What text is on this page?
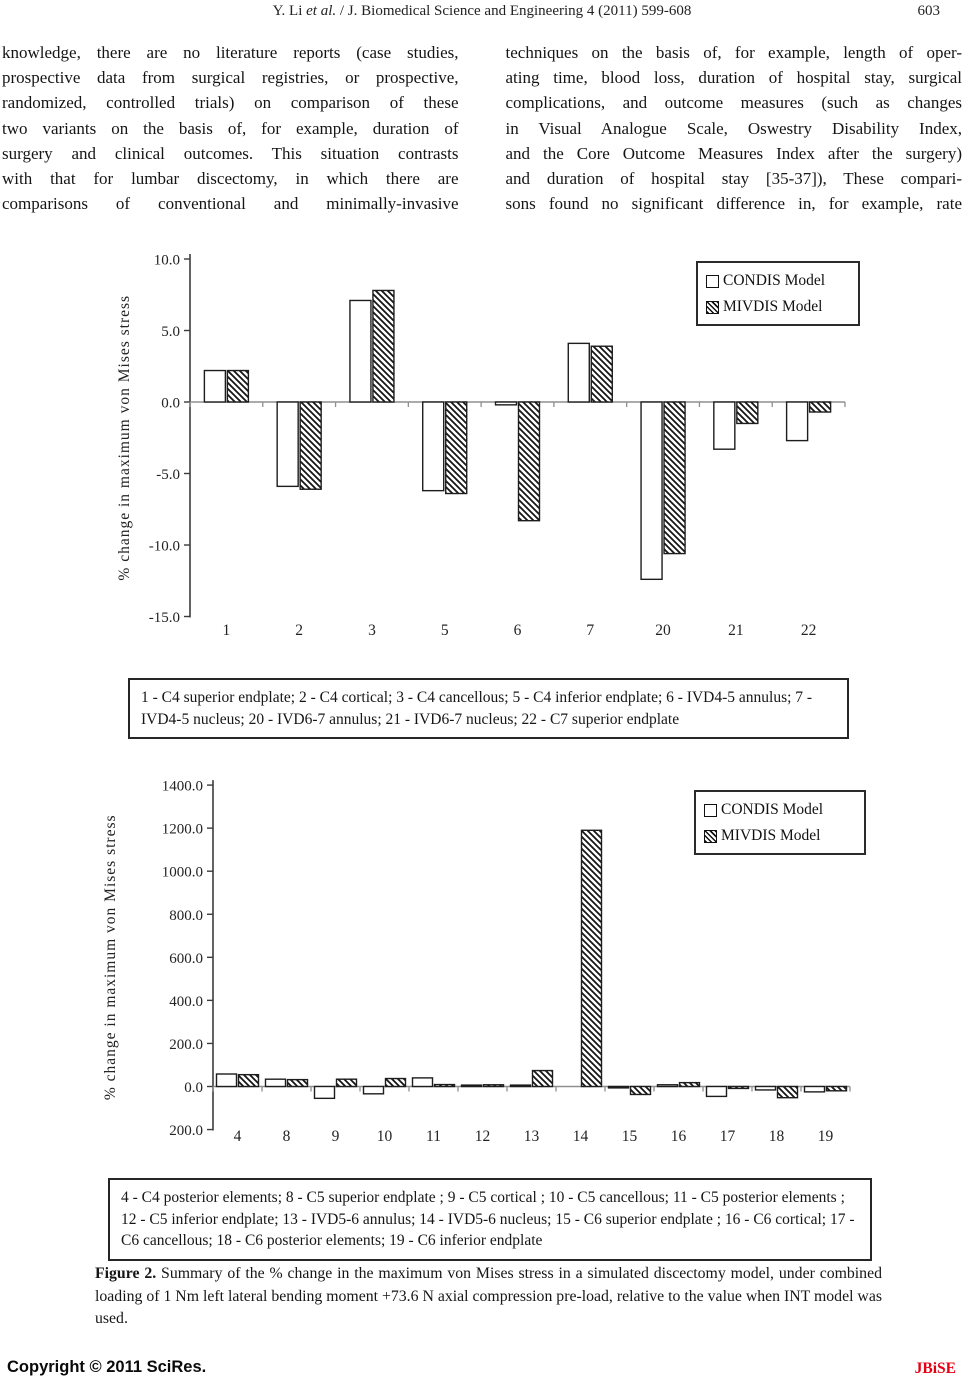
Y. Li et al. / J. Biomedical Science and Engineering 4 (2011) 599-608	603
knowledge, there are no literature reports (case studies,
prospective data from surgical registries, or prospective,
randomized, controlled trials) on comparison of these
two variants on the basis of, for example, duration of
surgery and clinical outcomes. This situation contrasts
with that for lumbar discectomy, in which there are
comparisons of conventional and minimally-invasive
techniques on the basis of, for example, length of oper-
ating time, blood loss, duration of hospital stay, surgical
complications, and outcome measures (such as changes
in Visual Analogue Scale, Oswestry Disability Index,
and the Core Outcome Measures Index after the surgery)
and duration of hospital stay [35-37]), These compari-
sons found no significant difference in, for example, rate
10.0
5.0
0.0
-5.0
-10.0
-15.0
1	2	3	5	6	7	20	21	22
% change in maximum von Mises stress
CONDIS Model
MIVDIS Model
1 - C4 superior endplate; 2 - C4 cortical; 3 - C4 cancellous; 5 - C4 inferior endplate; 6 - IVD4-5 annulus; 7 - IVD4-5 nucleus; 20 - IVD6-7 annulus; 21 - IVD6-7 nucleus; 22 - C7 superior endplate
1400.0
1200.0
1000.0
800.0
600.0
400.0
200.0
0.0
200.0 4	8	9 10 11 12 13 14 15 16 17 18 19
% change in maximum von Mises stress
CONDIS Model
MIVDIS Model
4 - C4 posterior elements; 8 - C5 superior endplate ; 9 - C5 cortical ; 10 - C5 cancellous; 11 - C5 posterior elements ; 12 - C5 inferior endplate; 13 - IVD5-6 annulus; 14 - IVD5-6 nucleus; 15 - C6 superior endplate ; 16 - C6 cortical; 17 - C6 cancellous; 18 - C6 posterior elements; 19 - C6 inferior endplate
Figure 2. Summary of the % change in the maximum von Mises stress in a simulated discectomy model, under combined loading of 1 Nm left lateral bending moment +73.6 N axial compression pre-load, relative to the value when INT model was used.
Copyright © 2011 SciRes.	JBiSE
